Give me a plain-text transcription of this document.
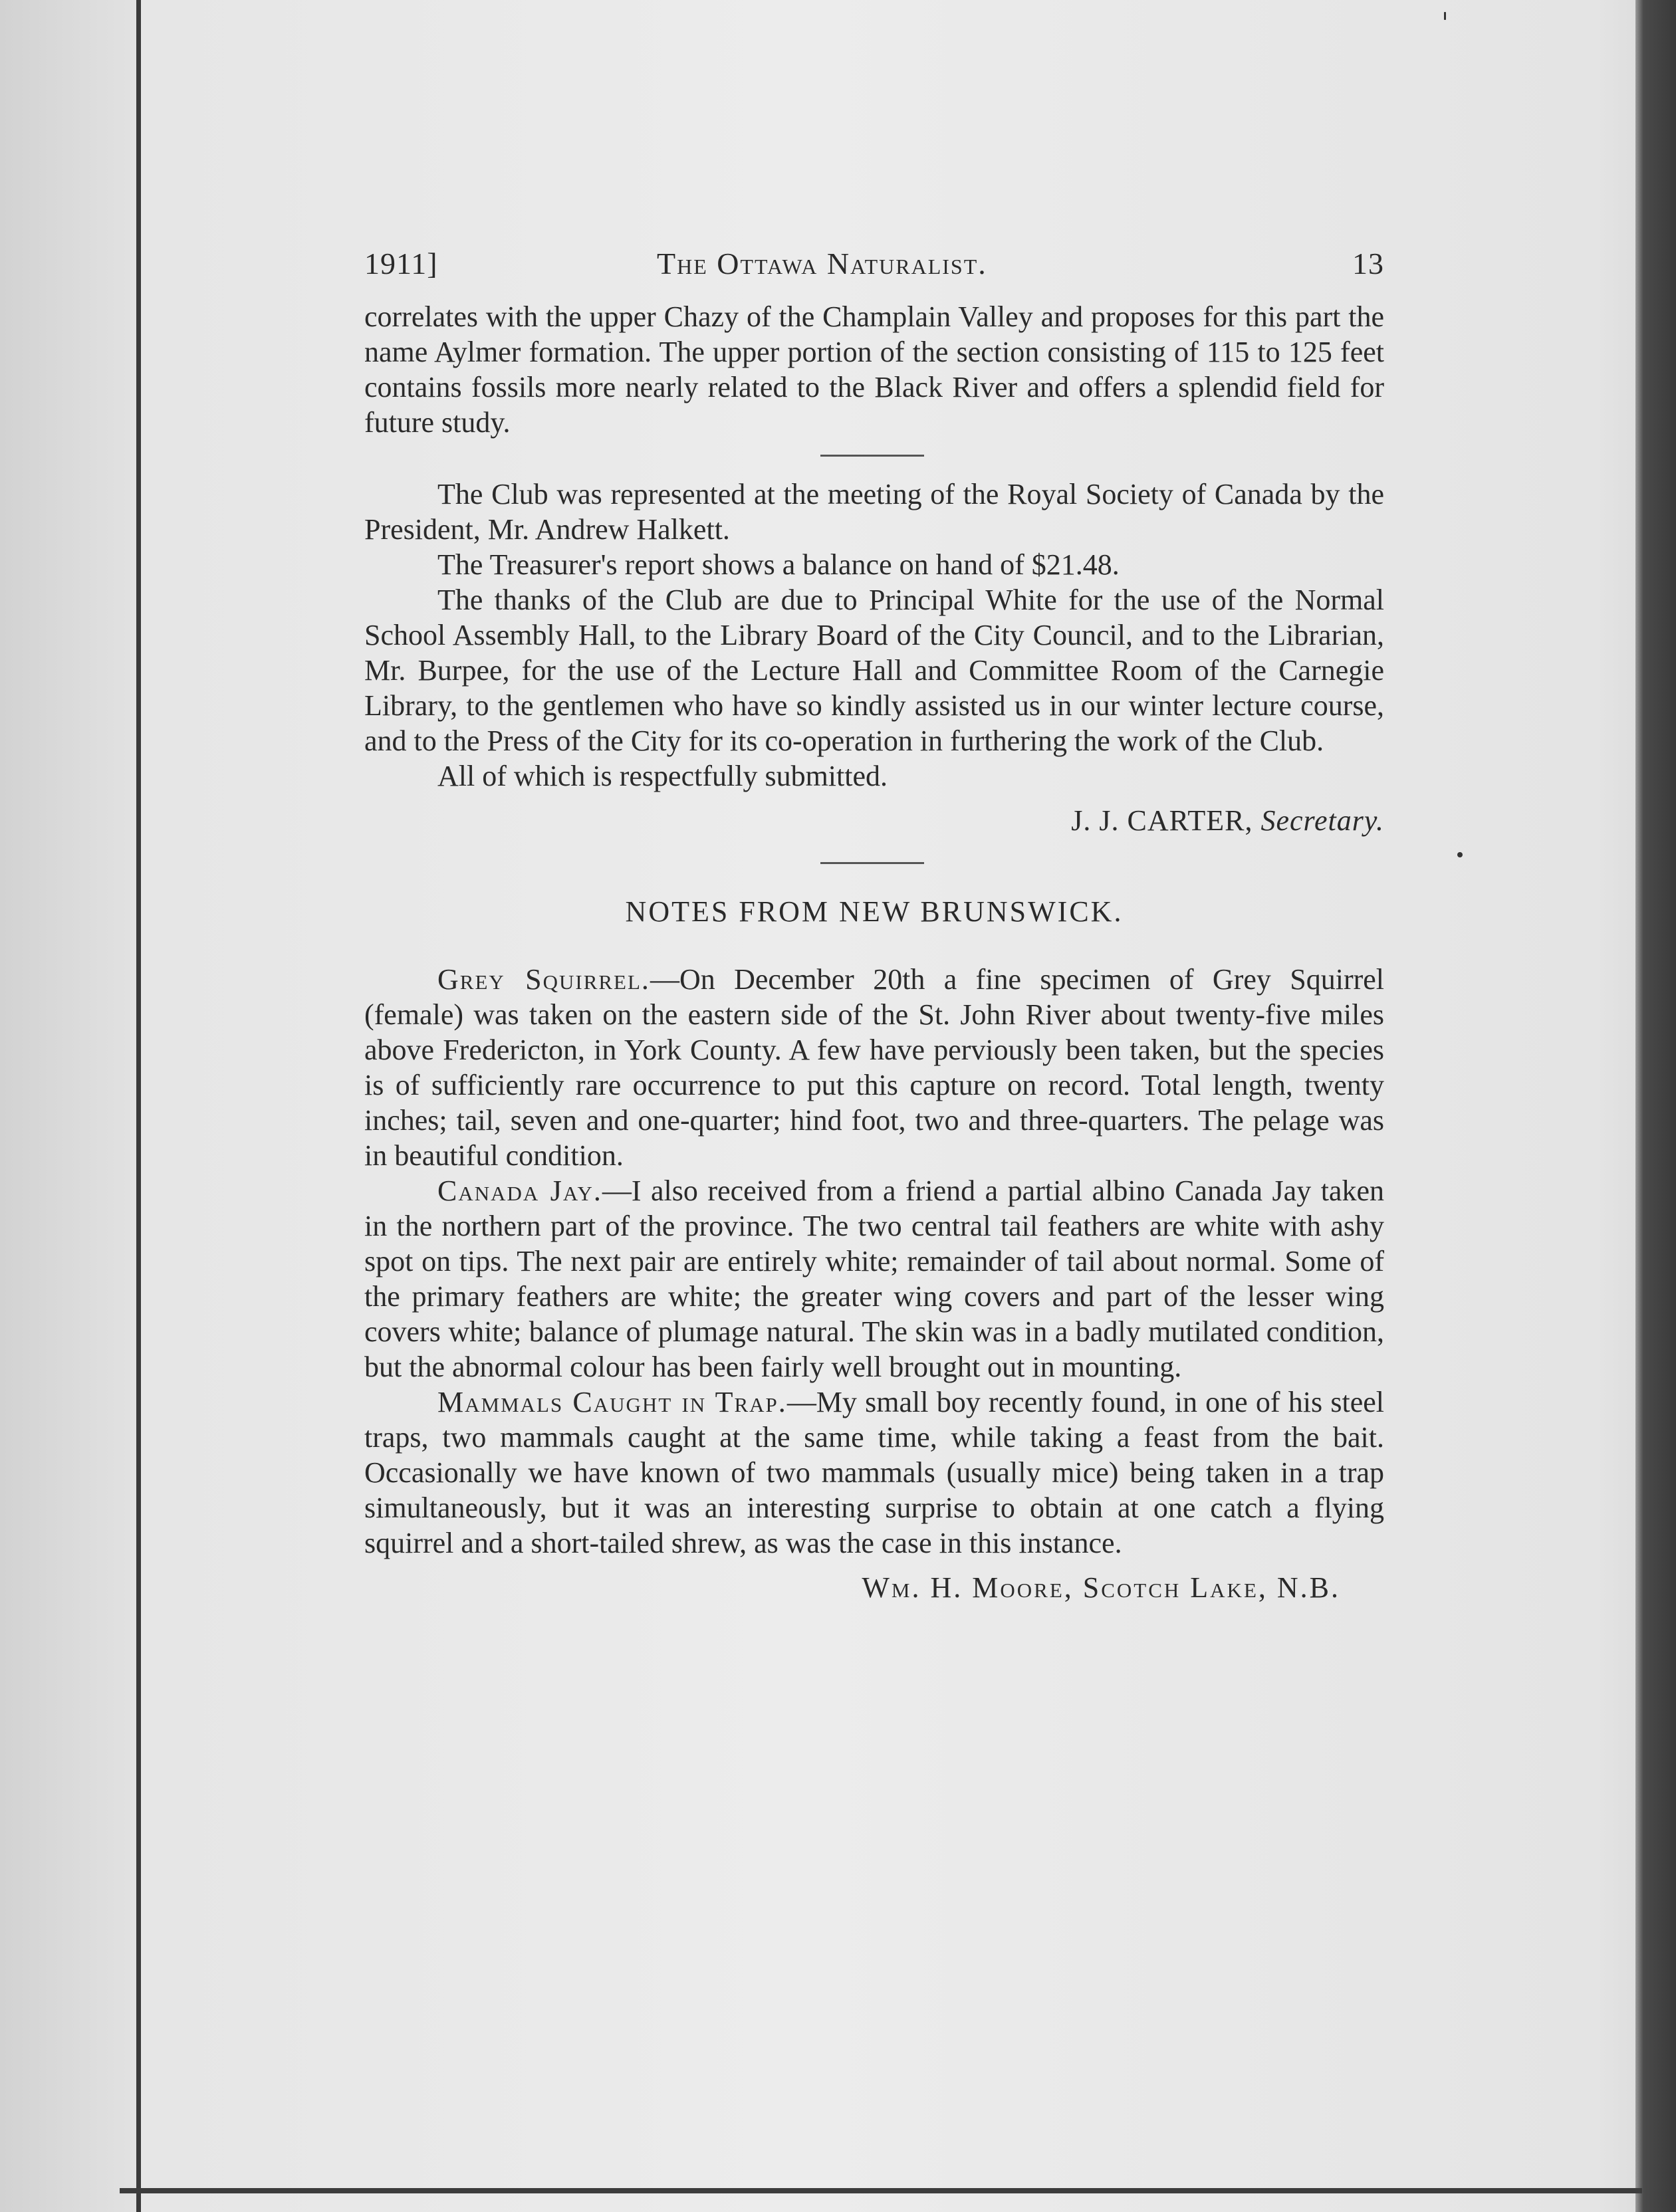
1911]	The Ottawa Naturalist.	13

correlates with the upper Chazy of the Champlain Valley and proposes for this part the name Aylmer formation. The upper portion of the section consisting of 115 to 125 feet contains fossils more nearly related to the Black River and offers a splendid field for future study.

The Club was represented at the meeting of the Royal Society of Canada by the President, Mr. Andrew Halkett.

The Treasurer's report shows a balance on hand of $21.48.

The thanks of the Club are due to Principal White for the use of the Normal School Assembly Hall, to the Library Board of the City Council, and to the Librarian, Mr. Burpee, for the use of the Lecture Hall and Committee Room of the Carnegie Library, to the gentlemen who have so kindly assisted us in our winter lecture course, and to the Press of the City for its co-operation in furthering the work of the Club.

All of which is respectfully submitted.

J. J. CARTER, Secretary.
NOTES FROM NEW BRUNSWICK.

Grey Squirrel.—On December 20th a fine specimen of Grey Squirrel (female) was taken on the eastern side of the St. John River about twenty-five miles above Fredericton, in York County. A few have perviously been taken, but the species is of sufficiently rare occurrence to put this capture on record. Total length, twenty inches; tail, seven and one-quarter; hind foot, two and three-quarters. The pelage was in beautiful condition.

Canada Jay.—I also received from a friend a partial albino Canada Jay taken in the northern part of the province. The two central tail feathers are white with ashy spot on tips. The next pair are entirely white; remainder of tail about normal. Some of the primary feathers are white; the greater wing covers and part of the lesser wing covers white; balance of plumage natural. The skin was in a badly mutilated condition, but the abnormal colour has been fairly well brought out in mounting.

Mammals Caught in Trap.—My small boy recently found, in one of his steel traps, two mammals caught at the same time, while taking a feast from the bait. Occasionally we have known of two mammals (usually mice) being taken in a trap simultaneously, but it was an interesting surprise to obtain at one catch a flying squirrel and a short-tailed shrew, as was the case in this instance.

Wm. H. Moore, Scotch Lake, N.B.
